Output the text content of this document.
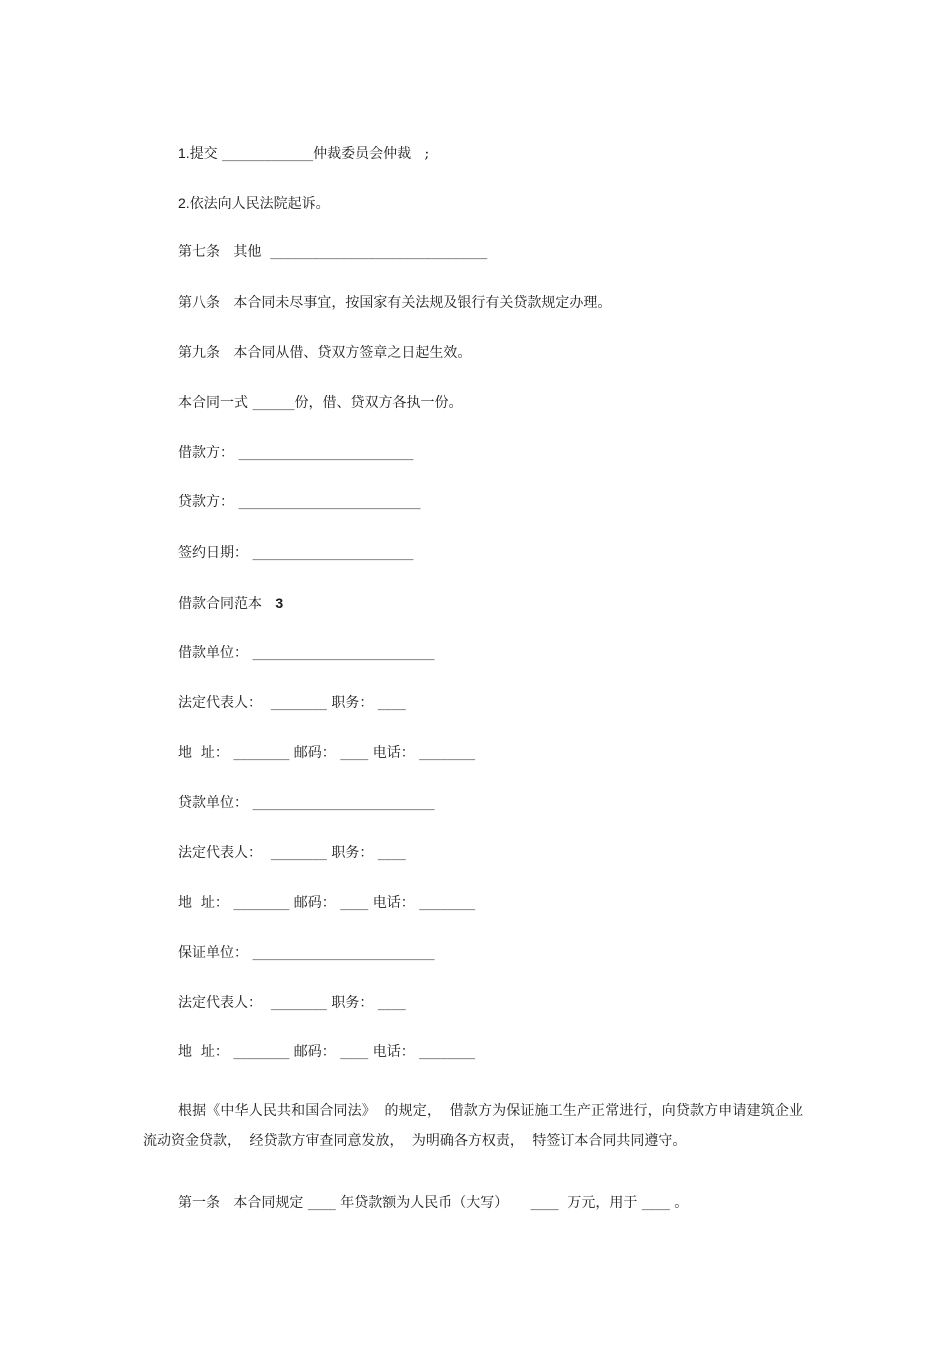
1.提交 _____________仲裁委员会仲裁   ;
2.依法向人民法院起诉。
第七条   其他  _______________________________
第八条   本合同未尽事宜，按国家有关法规及银行有关贷款规定办理。
第九条   本合同从借、贷双方签章之日起生效。
本合同一式 ______份，借、贷双方各执一份。
借款方： _________________________
贷款方： __________________________
签约日期： _______________________
借款合同范本   3
借款单位： __________________________
法定代表人：  ________ 职务： ____
地  址： ________ 邮码： ____ 电话： ________
贷款单位： __________________________
法定代表人：  ________ 职务： ____
地  址： ________ 邮码： ____ 电话： ________
保证单位： __________________________
法定代表人：  ________ 职务： ____
地  址： ________ 邮码： ____ 电话： ________
根据《中华人民共和国合同法》 的规定， 借款方为保证施工生产正常进行，向贷款方申请建筑企业流动资金贷款， 经贷款方审查同意发放， 为明确各方权责， 特签订本合同共同遵守。
第一条   本合同规定 ____ 年贷款额为人民币（大写）     ____  万元，用于 ____ 。
